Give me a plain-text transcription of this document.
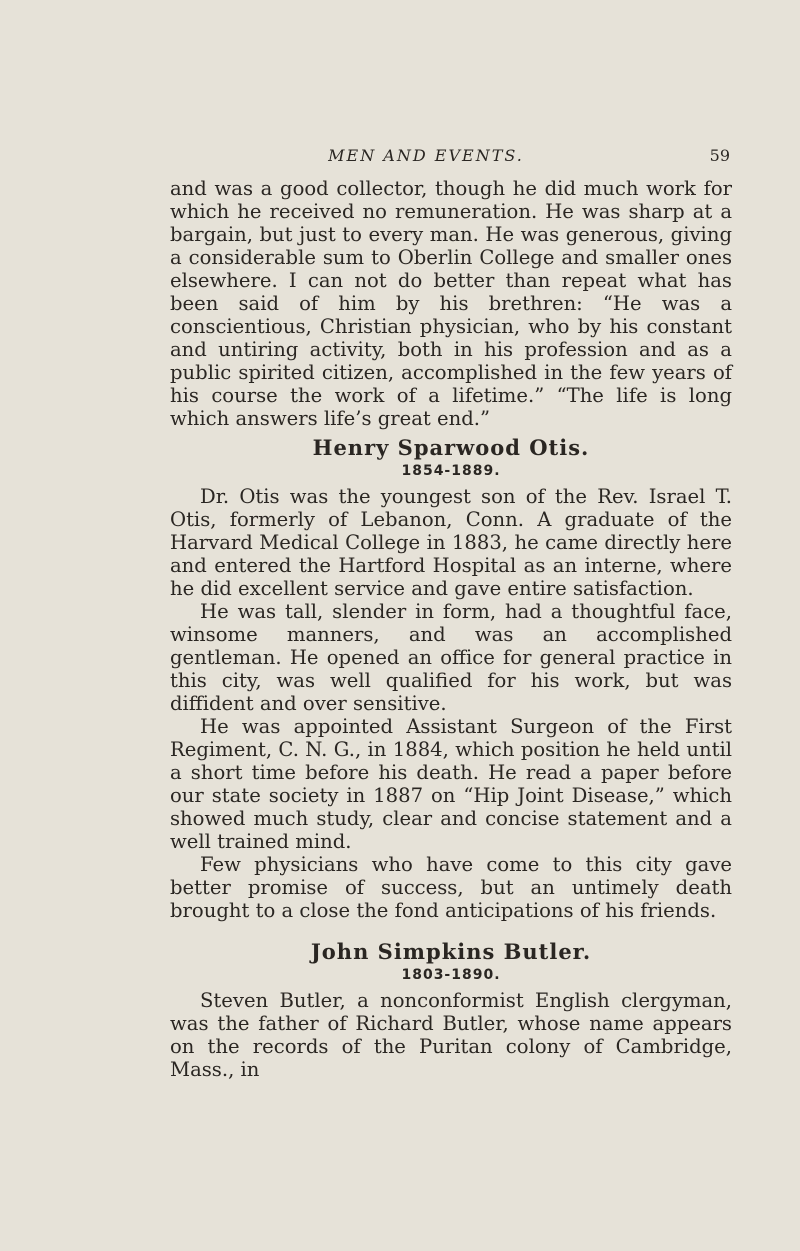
MEN AND EVENTS.	59

and was a good collector, though he did much work for which he received no remuneration. He was sharp at a bargain, but just to every man. He was generous, giving a considerable sum to Oberlin College and smaller ones elsewhere. I can not do better than repeat what has been said of him by his brethren: “He was a conscientious, Christian physician, who by his constant and untiring activity, both in his profession and as a public spirited citizen, accomplished in the few years of his course the work of a lifetime.” “The life is long which answers life’s great end.”

Henry Sparwood Otis.
1854-1889.

Dr. Otis was the youngest son of the Rev. Israel T. Otis, formerly of Lebanon, Conn. A graduate of the Harvard Medical College in 1883, he came directly here and entered the Hartford Hospital as an interne, where he did excellent service and gave entire satisfaction.

He was tall, slender in form, had a thoughtful face, winsome manners, and was an accomplished gentleman. He opened an office for general practice in this city, was well qualified for his work, but was diffident and over sensitive.

He was appointed Assistant Surgeon of the First Regiment, C. N. G., in 1884, which position he held until a short time before his death. He read a paper before our state society in 1887 on “Hip Joint Disease,” which showed much study, clear and concise statement and a well trained mind.

Few physicians who have come to this city gave better promise of success, but an untimely death brought to a close the fond anticipations of his friends.

John Simpkins Butler.
1803-1890.

Steven Butler, a nonconformist English clergyman, was the father of Richard Butler, whose name appears on the records of the Puritan colony of Cambridge, Mass., in
